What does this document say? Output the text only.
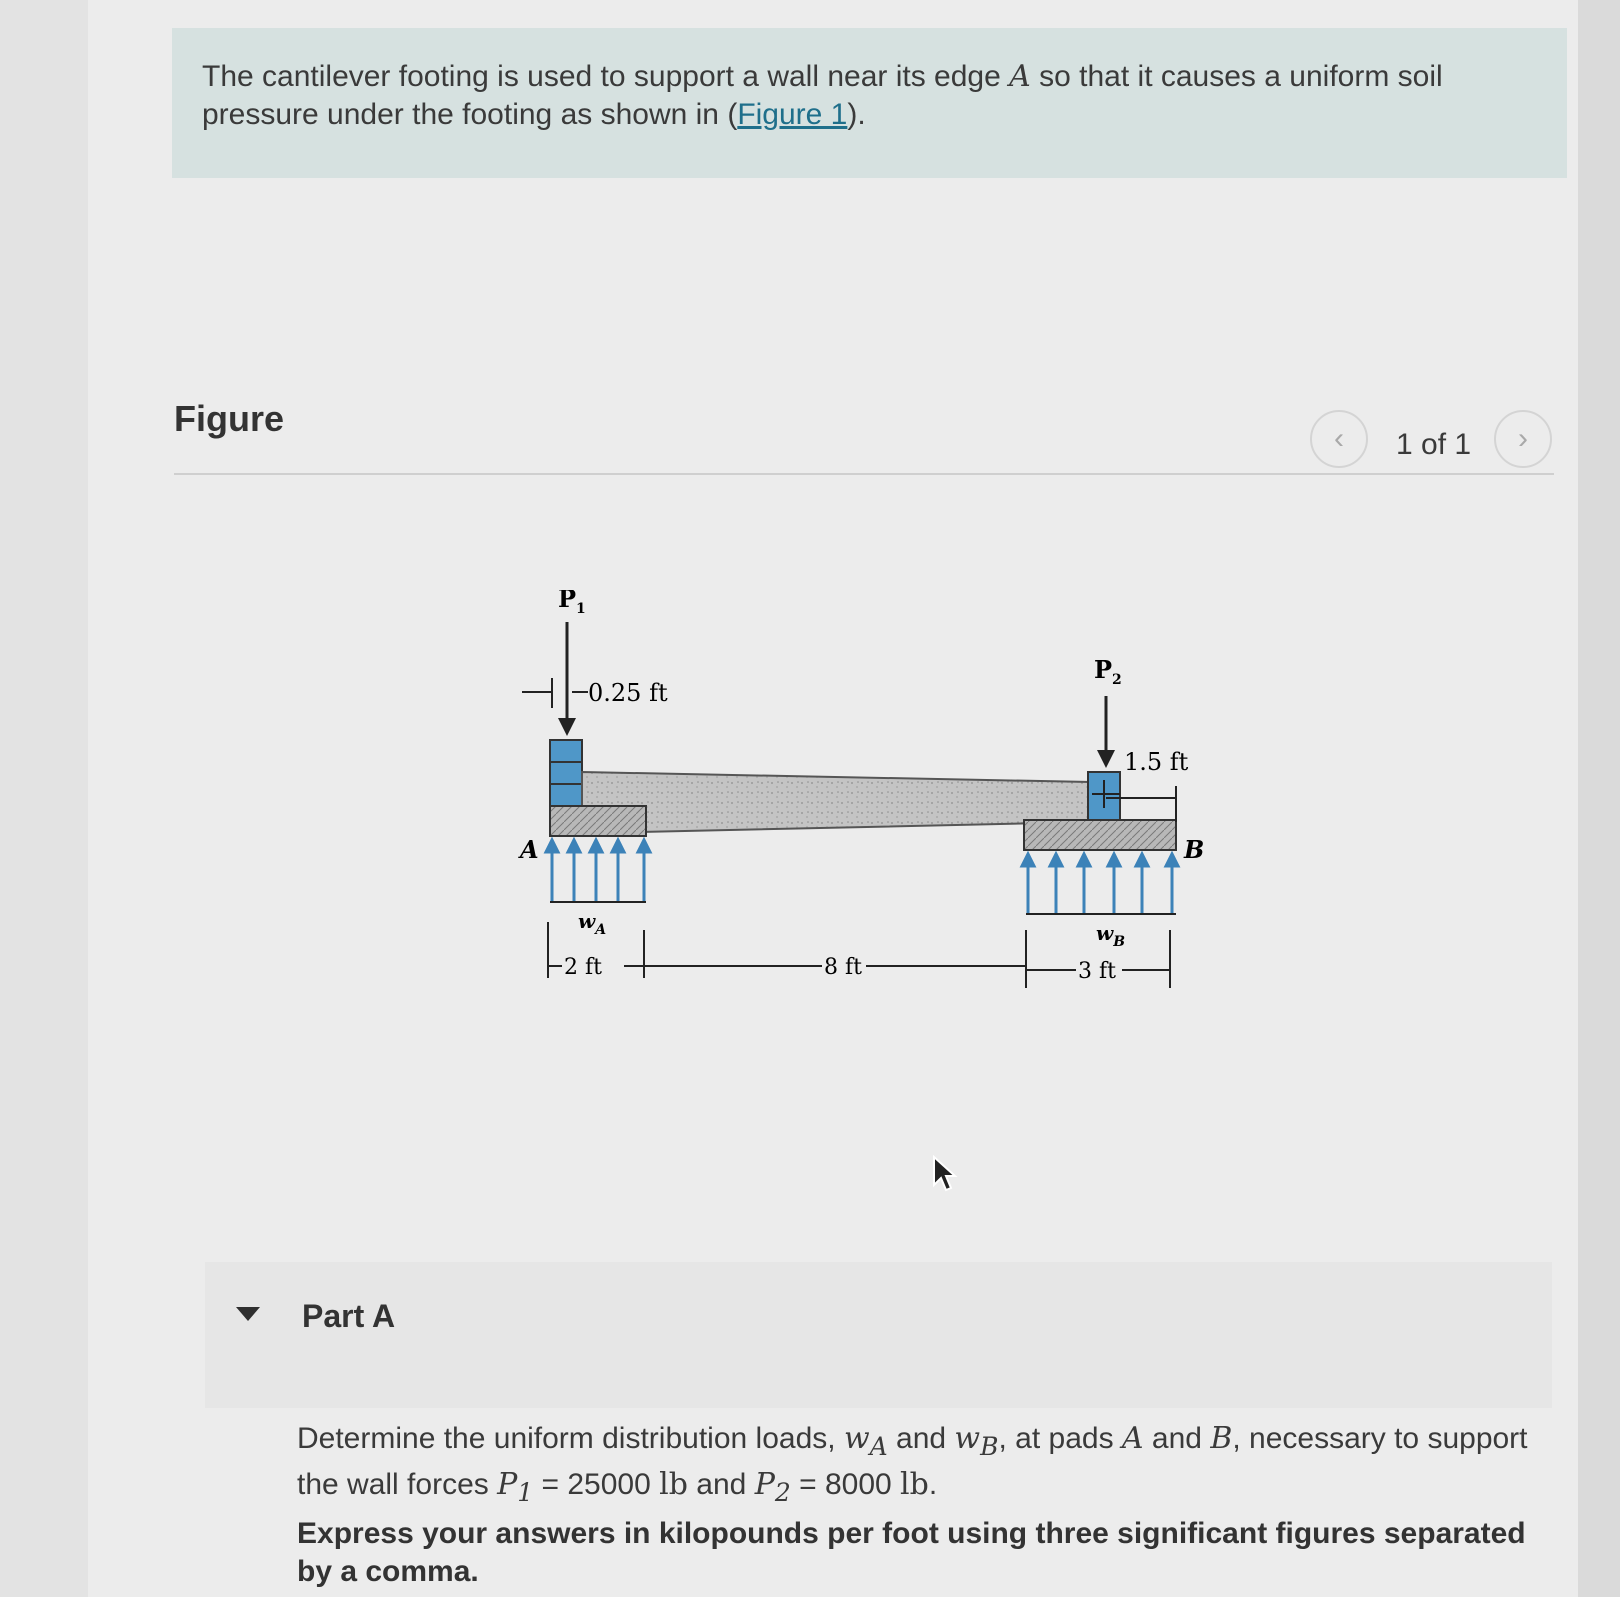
The cantilever footing is used to support a wall near its edge A so that it causes a uniform soil pressure under the footing as shown in (Figure 1).
Figure	‹ 1 of 1 ›
$P_1$
0.25 ft
$P_2$
1.5 ft
A	B
$w_A$	$w_B$
2 ft	8 ft	3 ft
Part A
Determine the uniform distribution loads, $w_A$ and $w_B$, at pads A and B, necessary to support the wall forces $P_1 = 25000$ lb and $P_2 = 8000$ lb.
Express your answers in kilopounds per foot using three significant figures separated by a comma.
